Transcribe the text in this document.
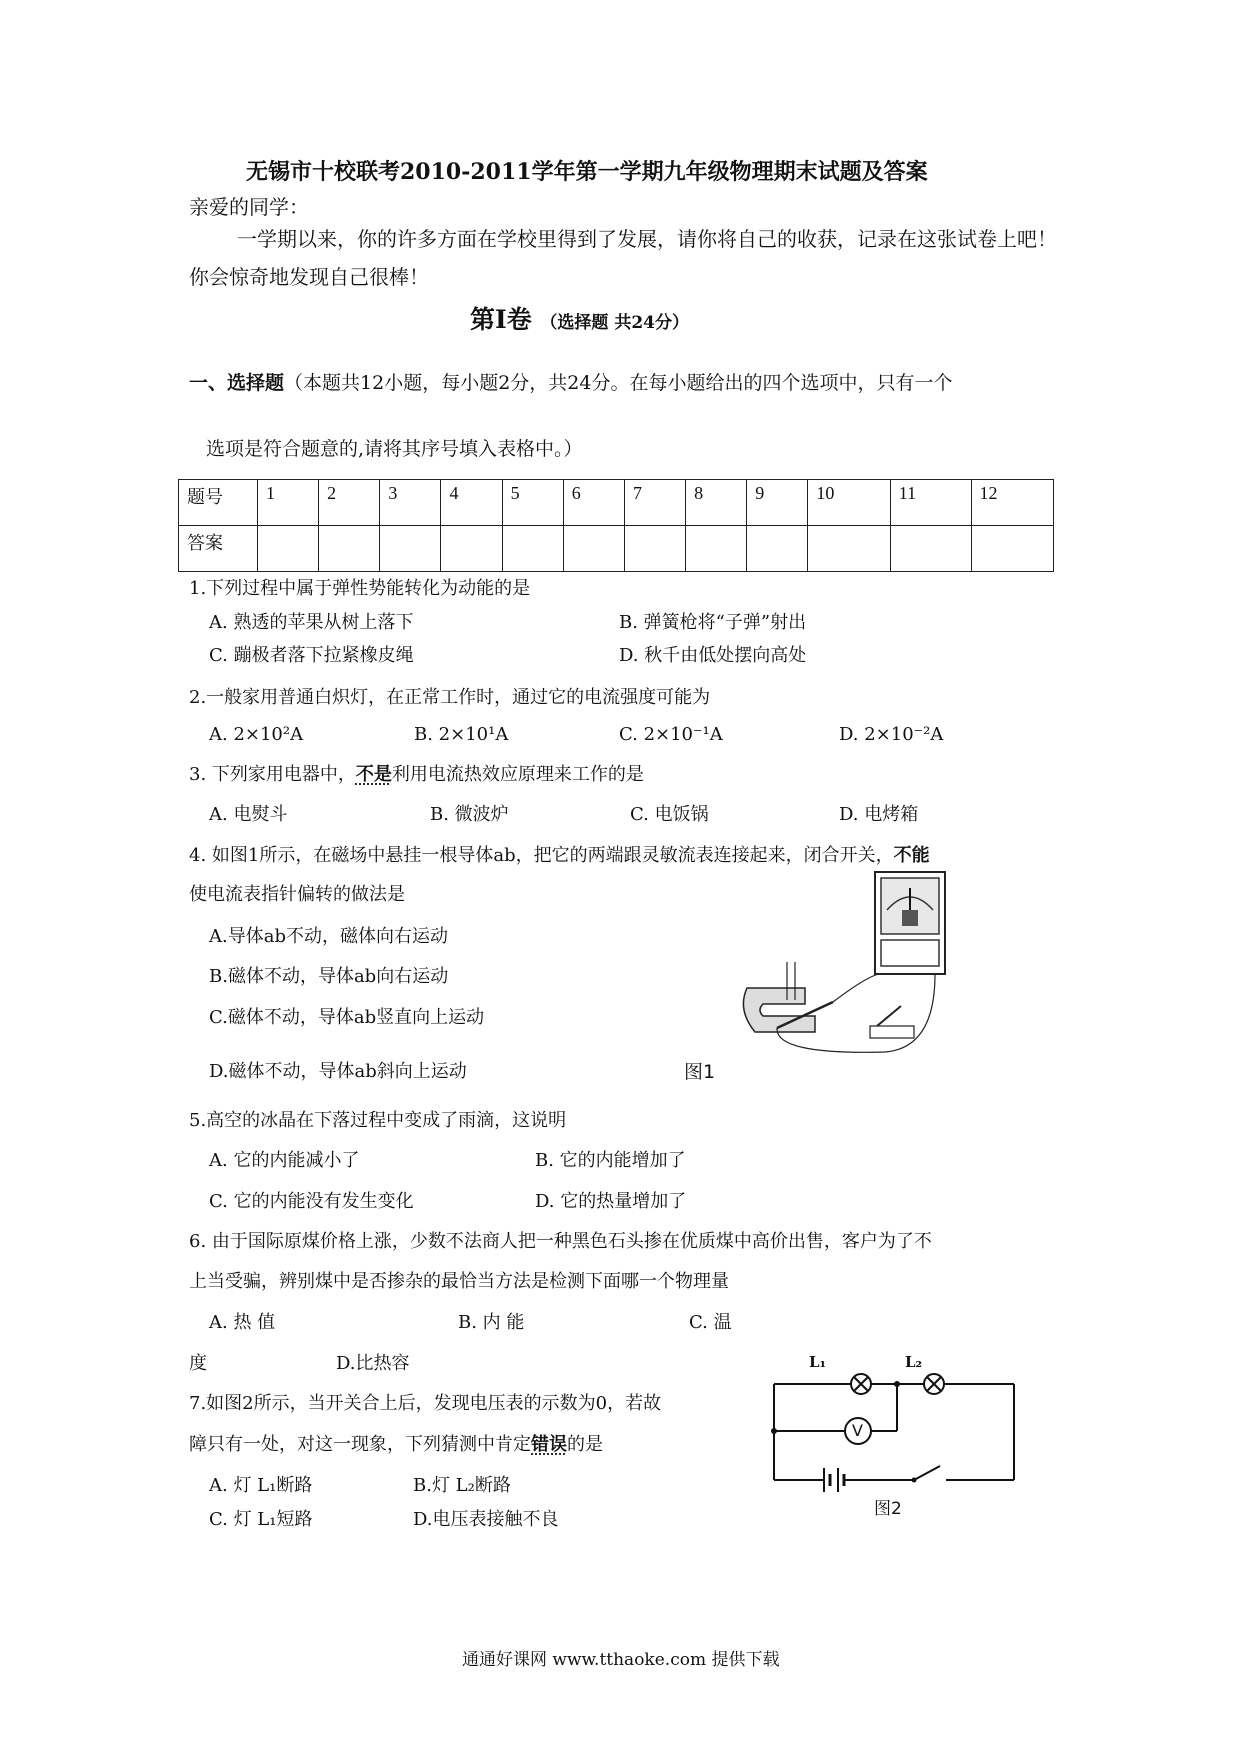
无锡市十校联考2010-2011学年第一学期九年级物理期末试题及答案
亲爱的同学：
一学期以来，你的许多方面在学校里得到了发展，请你将自己的收获，记录在这张试卷上吧！你会惊奇地发现自己很棒！
第Ⅰ卷 （选择题 共24分）
一、选择题（本题共12小题，每小题2分，共24分。在每小题给出的四个选项中，只有一个
选项是符合题意的,请将其序号填入表格中。）
题号	1	2	3	4	5	6	7	8	9	10	11	12
答案												
1.下列过程中属于弹性势能转化为动能的是
A. 熟透的苹果从树上落下	B. 弹簧枪将“子弹”射出
C. 蹦极者落下拉紧橡皮绳	D. 秋千由低处摆向高处
2.一般家用普通白炽灯，在正常工作时，通过它的电流强度可能为
A. 2×10²A	B. 2×10¹A	C. 2×10⁻¹A	D. 2×10⁻²A
3. 下列家用电器中，不是利用电流热效应原理来工作的是
A. 电熨斗	B. 微波炉	C. 电饭锅	D. 电烤箱
4. 如图1所示，在磁场中悬挂一根导体ab，把它的两端跟灵敏流表连接起来，闭合开关，不能
使电流表指针偏转的做法是
A.导体ab不动，磁体向右运动
B.磁体不动，导体ab向右运动
C.磁体不动，导体ab竖直向上运动
D.磁体不动，导体ab斜向上运动	图1
5.高空的冰晶在下落过程中变成了雨滴，这说明
A. 它的内能减小了	B. 它的内能增加了
C. 它的内能没有发生变化	D. 它的热量增加了
6. 由于国际原煤价格上涨，少数不法商人把一种黑色石头掺在优质煤中高价出售，客户为了不
上当受骗，辨别煤中是否掺杂的最恰当方法是检测下面哪一个物理量
A. 热 值	B. 内 能	C. 温
度	D.比热容
7.如图2所示，当开关合上后，发现电压表的示数为0，若故
障只有一处，对这一现象，下列猜测中肯定错误的是
A. 灯 L₁断路	B.灯 L₂断路
C. 灯 L₁短路	D.电压表接触不良
L₁	L₂
V
图2
通通好课网 www.tthaoke.com 提供下载
